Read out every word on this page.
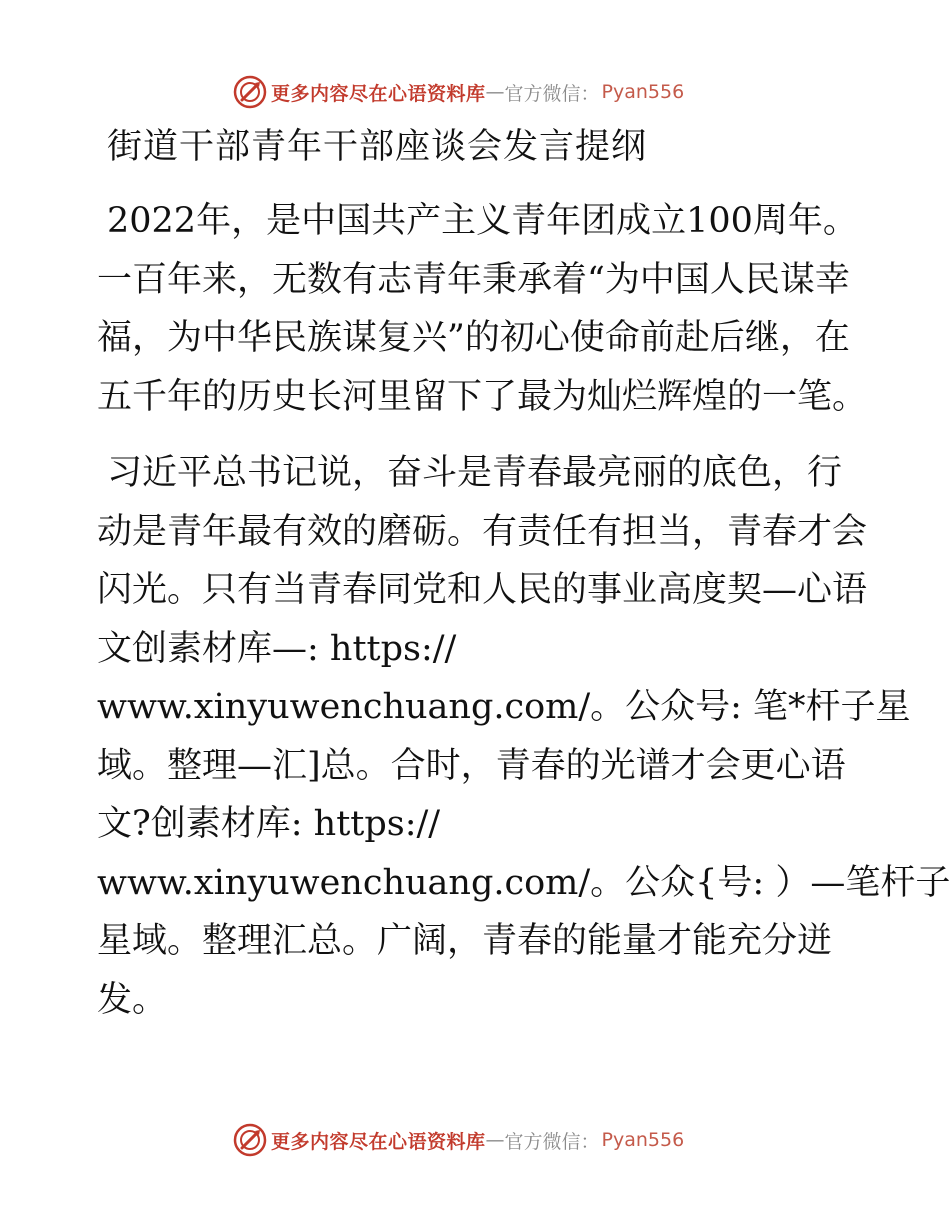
更多内容尽在心语资料库 — 官方微信： Pyan556
街道干部青年干部座谈会发言提纲

2022年，是中国共产主义青年团成立100周年。
一百年来，无数有志青年秉承着“为中国人民谋幸
福，为中华民族谋复兴”的初心使命前赴后继，在
五千年的历史长河里留下了最为灿烂辉煌的一笔。

习近平总书记说，奋斗是青春最亮丽的底色，行
动是青年最有效的磨砺。有责任有担当，青春才会
闪光。只有当青春同党和人民的事业高度契—心语
文创素材库—: https://
www.xinyuwenchuang.com/。公众号: 笔*杆子星
域。整理—汇]总。合时，青春的光谱才会更心语
文?创素材库: https://
www.xinyuwenchuang.com/。公众{号: ）—笔杆子
星域。整理汇总。广阔，青春的能量才能充分迸
发。

更多内容尽在心语资料库 — 官方微信： Pyan556
